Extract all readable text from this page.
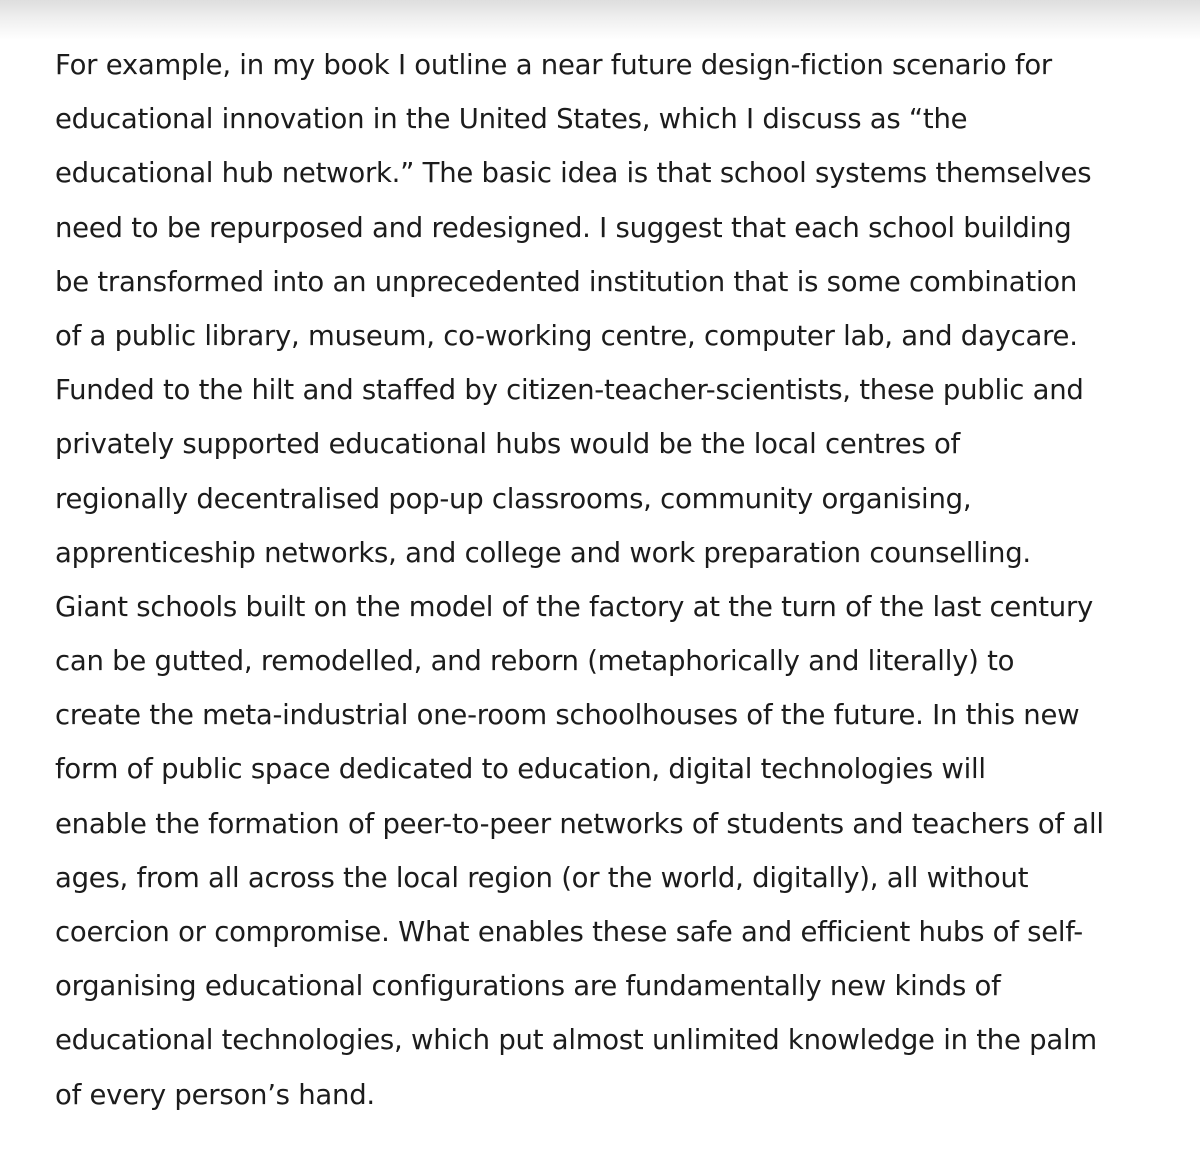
For example, in my book I outline a near future design-fiction scenario for
educational innovation in the United States, which I discuss as “the
educational hub network.” The basic idea is that school systems themselves
need to be repurposed and redesigned. I suggest that each school building
be transformed into an unprecedented institution that is some combination
of a public library, museum, co-working centre, computer lab, and daycare.
Funded to the hilt and staffed by citizen-teacher-scientists, these public and
privately supported educational hubs would be the local centres of
regionally decentralised pop-up classrooms, community organising,
apprenticeship networks, and college and work preparation counselling.
Giant schools built on the model of the factory at the turn of the last century
can be gutted, remodelled, and reborn (metaphorically and literally) to
create the meta-industrial one-room schoolhouses of the future. In this new
form of public space dedicated to education, digital technologies will
enable the formation of peer-to-peer networks of students and teachers of all
ages, from all across the local region (or the world, digitally), all without
coercion or compromise. What enables these safe and efficient hubs of self-
organising educational configurations are fundamentally new kinds of
educational technologies, which put almost unlimited knowledge in the palm
of every person’s hand.
